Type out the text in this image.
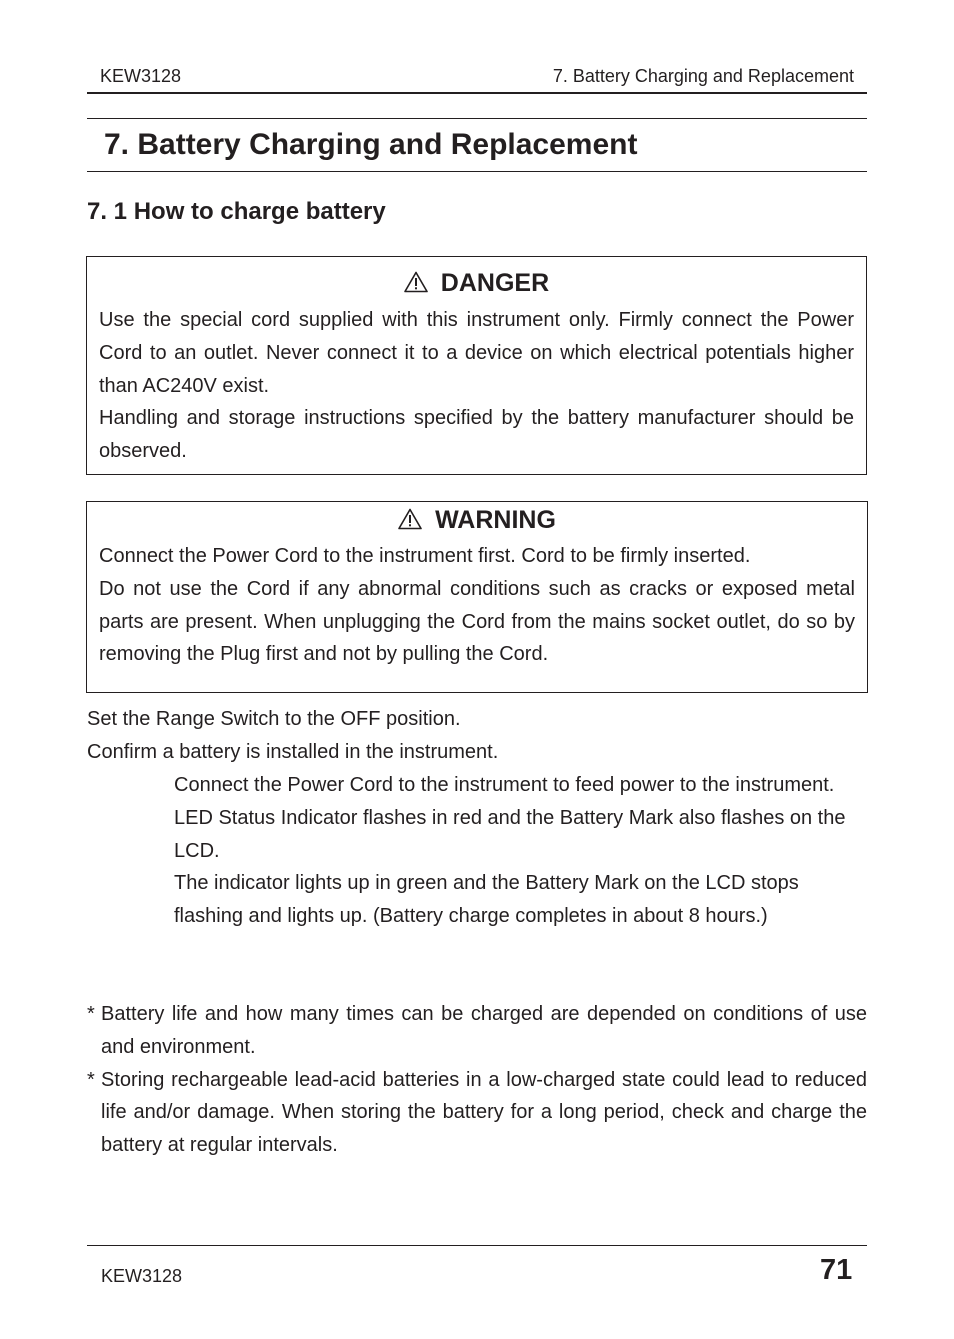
KEW3128	7. Battery Charging and Replacement
7. Battery Charging and Replacement
7. 1 How to charge battery
DANGER

Use the special cord supplied with this instrument only. Firmly connect the Power Cord to an outlet. Never connect it to a device on which electrical potentials higher than AC240V exist.

Handling and storage instructions specified by the battery manufacturer should be observed.

WARNING

Connect the Power Cord to the instrument first. Cord to be firmly inserted.

Do not use the Cord if any abnormal conditions such as cracks or exposed metal parts are present. When unplugging the Cord from the mains socket outlet, do so by removing the Plug first and not by pulling the Cord.

Set the Range Switch to the OFF position.
Confirm a battery is installed in the instrument.

Connect the Power Cord to the instrument to feed power to the instrument.

LED Status Indicator flashes in red and the Battery Mark also flashes on the LCD.

The indicator lights up in green and the Battery Mark on the LCD stops flashing and lights up. (Battery charge completes in about 8 hours.)

* Battery life and how many times can be charged are depended on conditions of use and environment.

* Storing rechargeable lead-acid batteries in a low-charged state could lead to reduced life and/or damage. When storing the battery for a long period, check and charge the battery at regular intervals.

KEW3128	71
